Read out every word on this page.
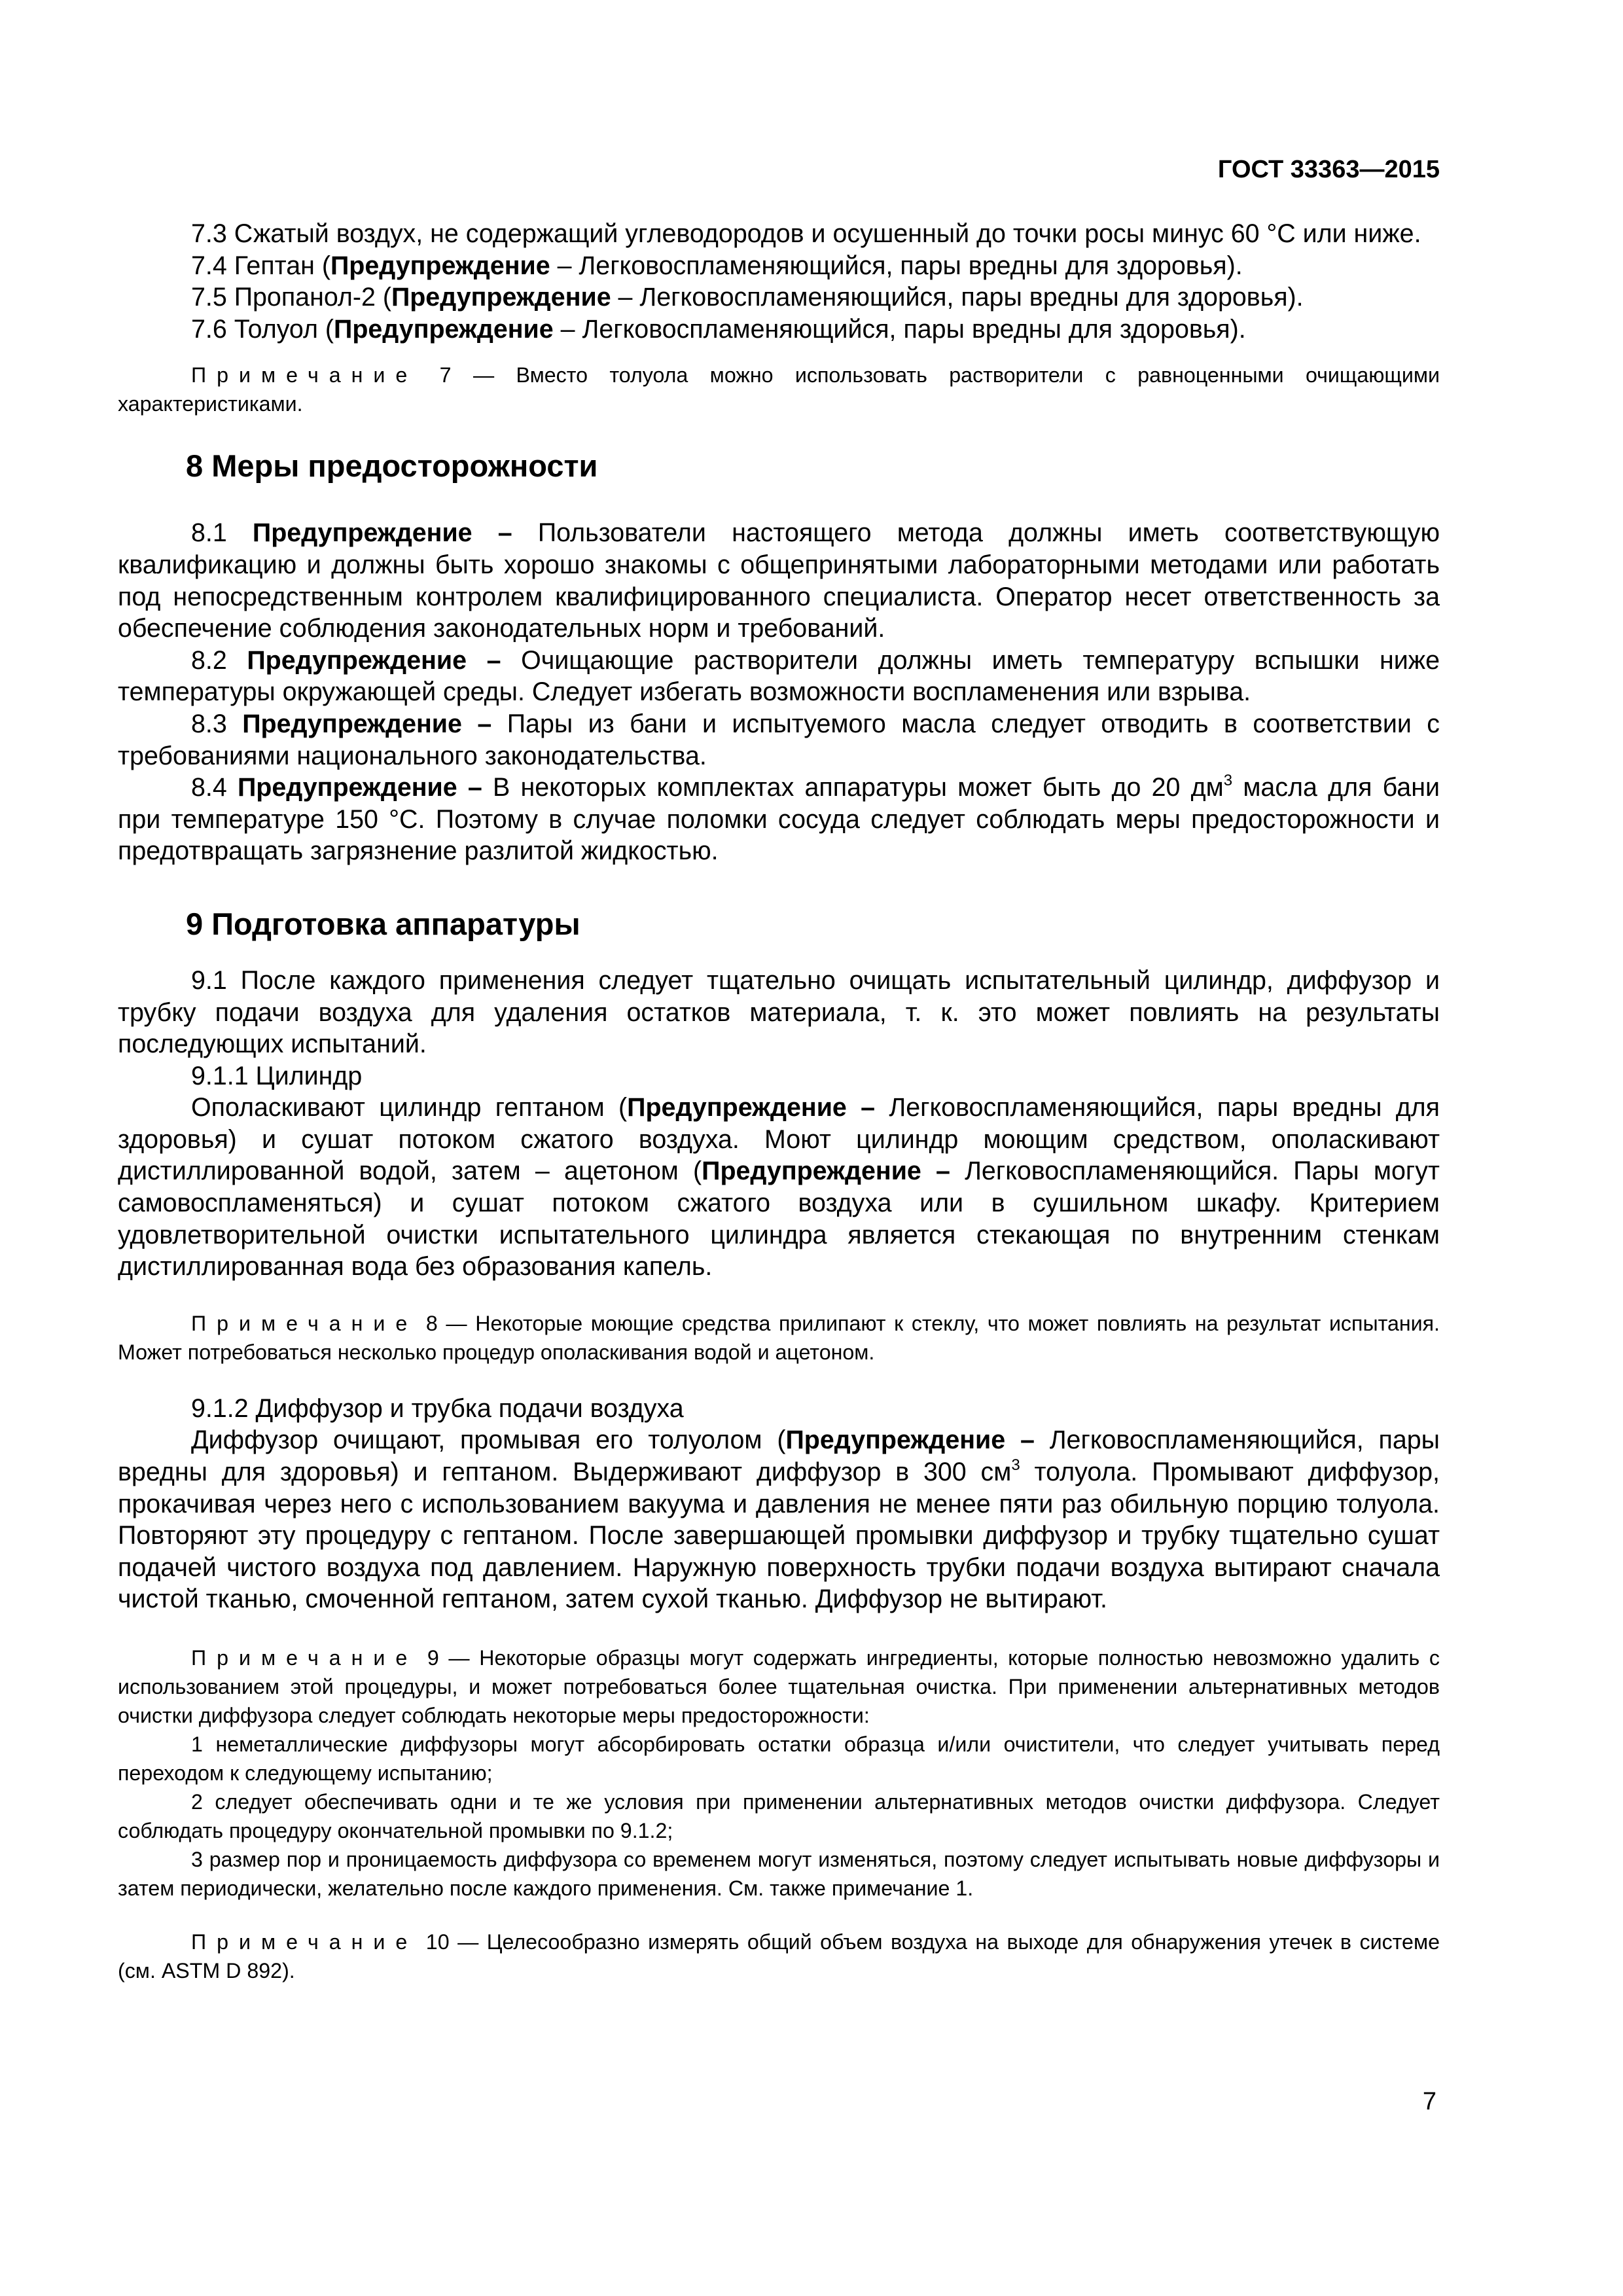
ГОСТ 33363—2015

7.3 Сжатый воздух, не содержащий углеводородов и осушенный до точки росы минус 60 °С или ниже.

7.4 Гептан (Предупреждение – Легковоспламеняющийся, пары вредны для здоровья).

7.5 Пропанол-2 (Предупреждение – Легковоспламеняющийся, пары вредны для здоровья).

7.6 Толуол (Предупреждение – Легковоспламеняющийся, пары вредны для здоровья).

Примечание 7 — Вместо толуола можно использовать растворители с равноценными очищающими характеристиками.

8 Меры предосторожности

8.1 Предупреждение – Пользователи настоящего метода должны иметь соответствующую квалификацию и должны быть хорошо знакомы с общепринятыми лабораторными методами или работать под непосредственным контролем квалифицированного специалиста. Оператор несет ответственность за обеспечение соблюдения законодательных норм и требований.

8.2 Предупреждение – Очищающие растворители должны иметь температуру вспышки ниже температуры окружающей среды. Следует избегать возможности воспламенения или взрыва.

8.3 Предупреждение – Пары из бани и испытуемого масла следует отводить в соответствии с требованиями национального законодательства.

8.4 Предупреждение – В некоторых комплектах аппаратуры может быть до 20 $дм^3$ масла для бани при температуре 150 °С. Поэтому в случае поломки сосуда следует соблюдать меры предосторожности и предотвращать загрязнение разлитой жидкостью.

9 Подготовка аппаратуры

9.1 После каждого применения следует тщательно очищать испытательный цилиндр, диффузор и трубку подачи воздуха для удаления остатков материала, т. к. это может повлиять на результаты последующих испытаний.

9.1.1 Цилиндр

Ополаскивают цилиндр гептаном (Предупреждение – Легковоспламеняющийся, пары вредны для здоровья) и сушат потоком сжатого воздуха. Моют цилиндр моющим средством, ополаскивают дистиллированной водой, затем – ацетоном (Предупреждение – Легковоспламеняющийся. Пары могут самовоспламеняться) и сушат потоком сжатого воздуха или в сушильном шкафу. Критерием удовлетворительной очистки испытательного цилиндра является стекающая по внутренним стенкам дистиллированная вода без образования капель.

Примечание 8 — Некоторые моющие средства прилипают к стеклу, что может повлиять на результат испытания. Может потребоваться несколько процедур ополаскивания водой и ацетоном.

9.1.2 Диффузор и трубка подачи воздуха

Диффузор очищают, промывая его толуолом (Предупреждение – Легковоспламеняющийся, пары вредны для здоровья) и гептаном. Выдерживают диффузор в 300 $см^3$ толуола. Промывают диффузор, прокачивая через него с использованием вакуума и давления не менее пяти раз обильную порцию толуола. Повторяют эту процедуру с гептаном. После завершающей промывки диффузор и трубку тщательно сушат подачей чистого воздуха под давлением. Наружную поверхность трубки подачи воздуха вытирают сначала чистой тканью, смоченной гептаном, затем сухой тканью. Диффузор не вытирают.

Примечание 9 — Некоторые образцы могут содержать ингредиенты, которые полностью невозможно удалить с использованием этой процедуры, и может потребоваться более тщательная очистка. При применении альтернативных методов очистки диффузора следует соблюдать некоторые меры предосторожности:

1 неметаллические диффузоры могут абсорбировать остатки образца и/или очистители, что следует учитывать перед переходом к следующему испытанию;

2 следует обеспечивать одни и те же условия при применении альтернативных методов очистки диффузора. Следует соблюдать процедуру окончательной промывки по 9.1.2;

3 размер пор и проницаемость диффузора со временем могут изменяться, поэтому следует испытывать новые диффузоры и затем периодически, желательно после каждого применения. См. также примечание 1.

Примечание 10 — Целесообразно измерять общий объем воздуха на выходе для обнаружения утечек в системе (см. ASTM D 892).

7
